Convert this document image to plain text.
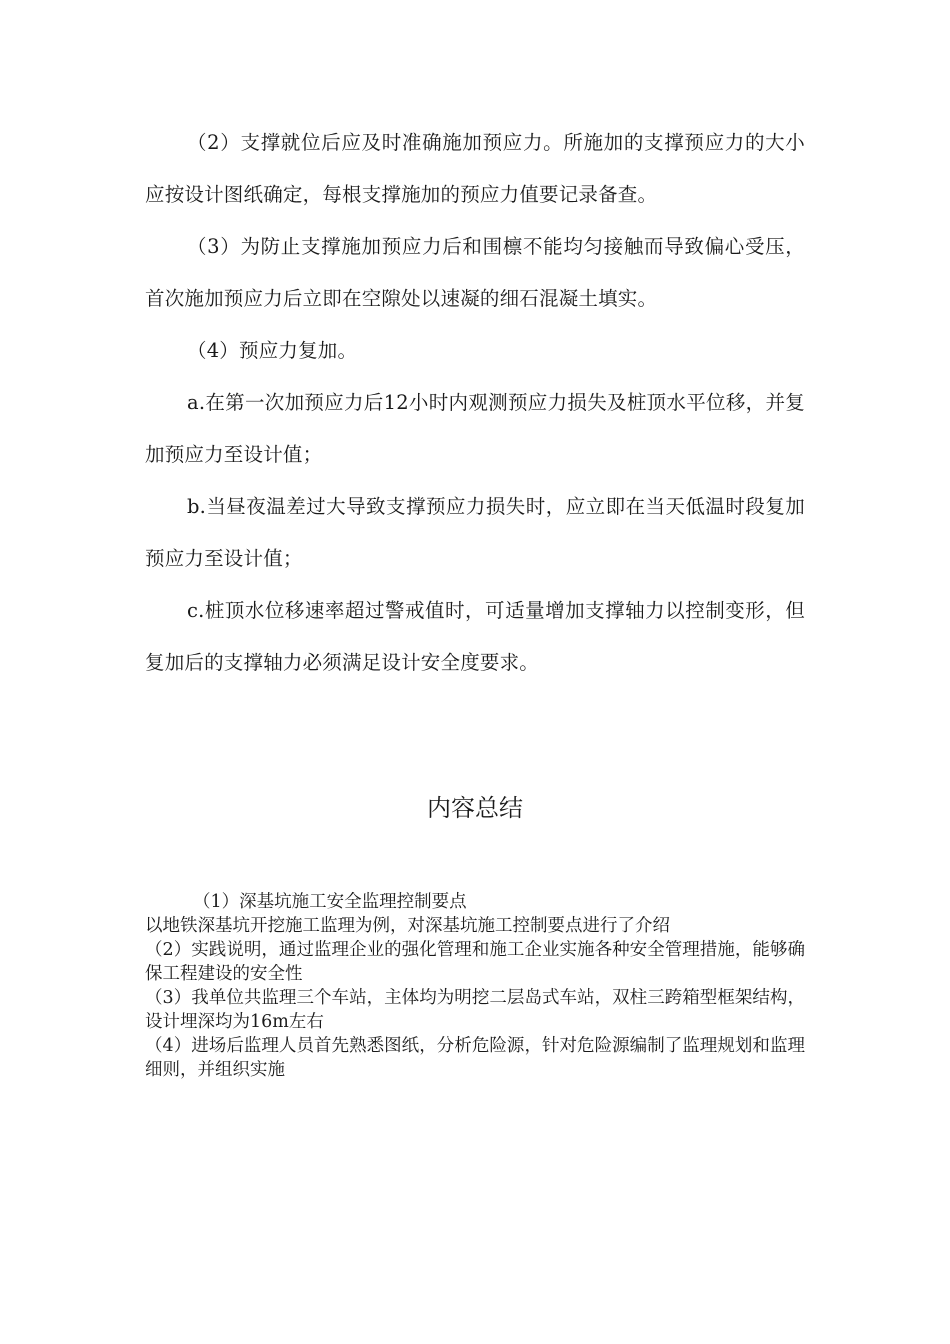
（2）支撑就位后应及时准确施加预应力。所施加的支撑预应力的大小应按设计图纸确定，每根支撑施加的预应力值要记录备查。

（3）为防止支撑施加预应力后和围檩不能均匀接触而导致偏心受压，首次施加预应力后立即在空隙处以速凝的细石混凝土填实。

（4）预应力复加。

a.在第一次加预应力后12小时内观测预应力损失及桩顶水平位移，并复加预应力至设计值；

b.当昼夜温差过大导致支撑预应力损失时，应立即在当天低温时段复加预应力至设计值；

c.桩顶水位移速率超过警戒值时，可适量增加支撑轴力以控制变形，但复加后的支撑轴力必须满足设计安全度要求。

内容总结

（1）深基坑施工安全监理控制要点

以地铁深基坑开挖施工监理为例，对深基坑施工控制要点进行了介绍

（2）实践说明，通过监理企业的强化管理和施工企业实施各种安全管理措施，能够确保工程建设的安全性

（3）我单位共监理三个车站，主体均为明挖二层岛式车站，双柱三跨箱型框架结构，设计埋深均为16m左右

（4）进场后监理人员首先熟悉图纸，分析危险源，针对危险源编制了监理规划和监理细则，并组织实施
